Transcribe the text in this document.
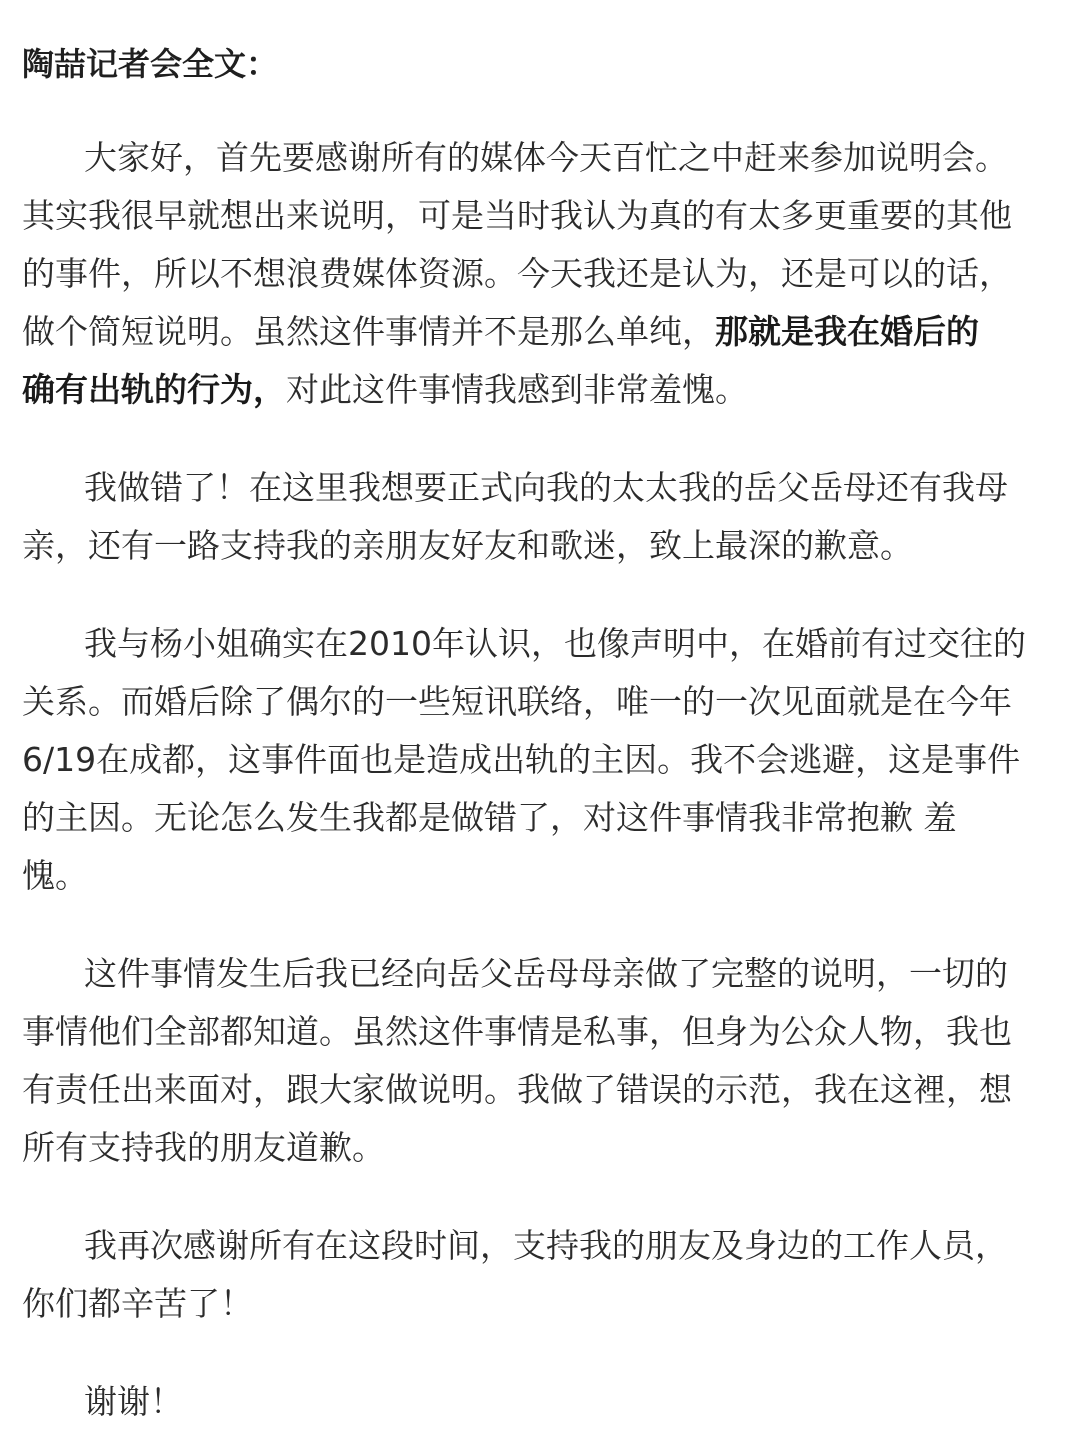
陶喆记者会全文：
大家好，首先要感谢所有的媒体今天百忙之中赶来参加说明会。
其实我很早就想出来说明，可是当时我认为真的有太多更重要的其他
的事件，所以不想浪费媒体资源。今天我还是认为，还是可以的话，
做个简短说明。虽然这件事情并不是那么单纯，那就是我在婚后的
确有出轨的行为，对此这件事情我感到非常羞愧。
我做错了！在这里我想要正式向我的太太我的岳父岳母还有我母
亲，还有一路支持我的亲朋友好友和歌迷，致上最深的歉意。
我与杨小姐确实在2010年认识，也像声明中，在婚前有过交往的
关系。而婚后除了偶尔的一些短讯联络，唯一的一次见面就是在今年
6/19在成都，这事件面也是造成出轨的主因。我不会逃避，这是事件
的主因。无论怎么发生我都是做错了，对这件事情我非常抱歉 羞
愧。
这件事情发生后我已经向岳父岳母母亲做了完整的说明，一切的
事情他们全部都知道。虽然这件事情是私事，但身为公众人物，我也
有责任出来面对，跟大家做说明。我做了错误的示范，我在这裡，想
所有支持我的朋友道歉。
我再次感谢所有在这段时间，支持我的朋友及身边的工作人员，
你们都辛苦了！
谢谢！
